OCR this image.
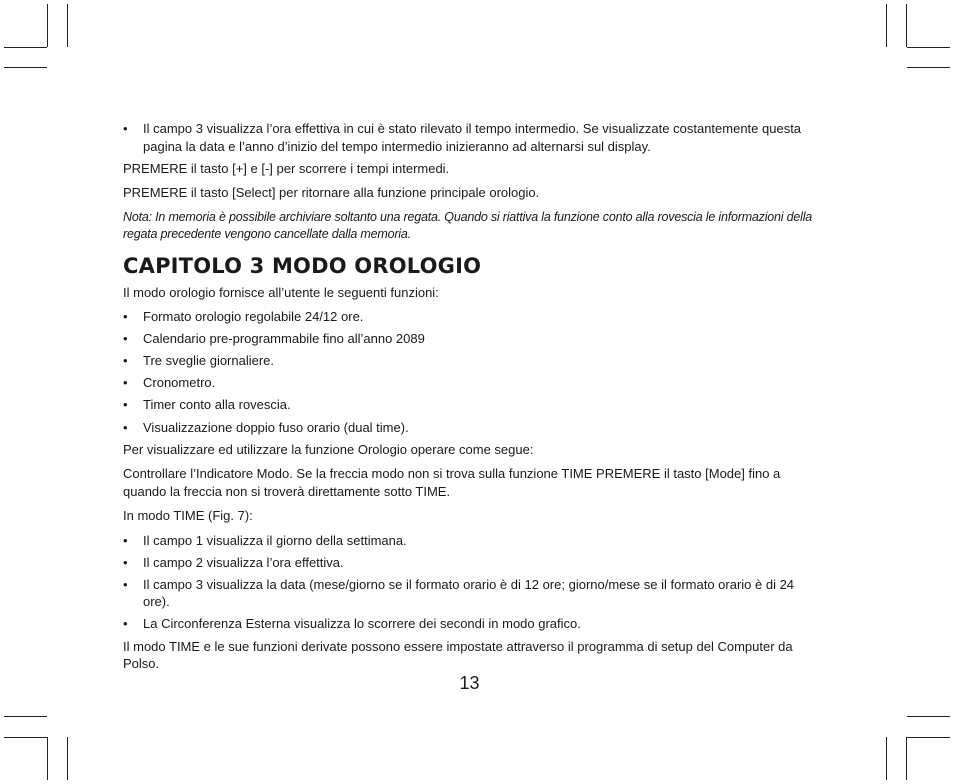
• Il campo 3 visualizza l’ora effettiva in cui è stato rilevato il tempo intermedio. Se visualizzate costantemente questa pagina la data e l’anno d’inizio del tempo intermedio inizieranno ad alternarsi sul display.

PREMERE il tasto [+] e [-] per scorrere i tempi intermedi.

PREMERE il tasto [Select] per ritornare alla funzione principale orologio.

Nota: In memoria è possibile archiviare soltanto una regata. Quando si riattiva la funzione conto alla rovescia le informazioni della regata precedente vengono cancellate dalla memoria.

CAPITOLO 3 MODO OROLOGIO

Il modo orologio fornisce all’utente le seguenti funzioni:

• Formato orologio regolabile 24/12 ore.
• Calendario pre-programmabile fino all’anno 2089
• Tre sveglie giornaliere.
• Cronometro.
• Timer conto alla rovescia.
• Visualizzazione doppio fuso orario (dual time).

Per visualizzare ed utilizzare la funzione Orologio operare come segue:

Controllare l’Indicatore Modo. Se la freccia modo non si trova sulla funzione TIME PREMERE il tasto [Mode] fino a quando la freccia non si troverà direttamente sotto TIME.

In modo TIME (Fig. 7):

• Il campo 1 visualizza il giorno della settimana.
• Il campo 2 visualizza l’ora effettiva.
• Il campo 3 visualizza la data (mese/giorno se il formato orario è di 12 ore; giorno/mese se il formato orario è di 24 ore).
• La Circonferenza Esterna visualizza lo scorrere dei secondi in modo grafico.

Il modo TIME e le sue funzioni derivate possono essere impostate attraverso il programma di setup del Computer da Polso.

13
